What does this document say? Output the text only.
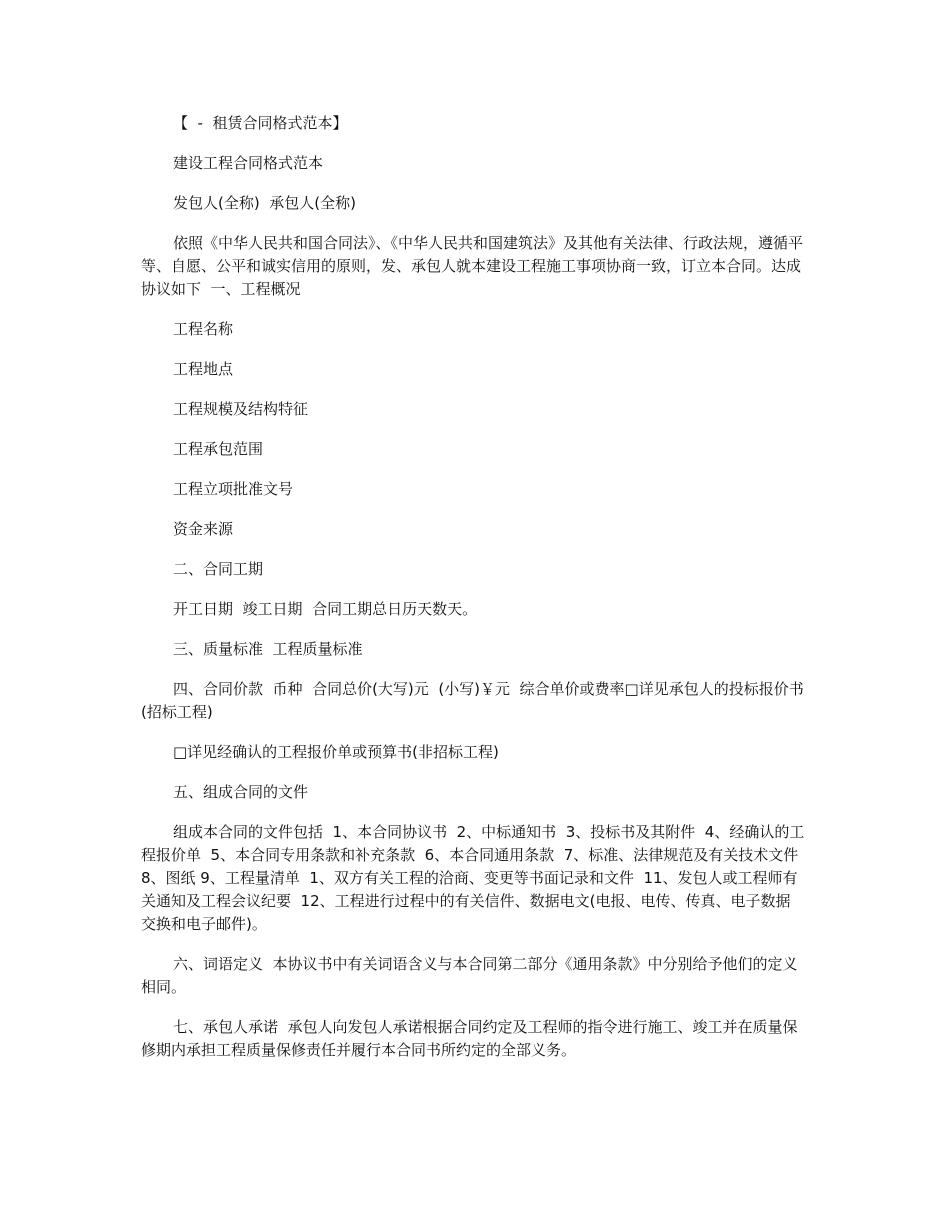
【  -  租赁合同格式范本】

建设工程合同格式范本

发包人(全称)  承包人(全称)

依照《中华人民共和国合同法》、《中华人民共和国建筑法》及其他有关法律、行政法规，遵循平等、自愿、公平和诚实信用的原则，发、承包人就本建设工程施工事项协商一致，订立本合同。达成协议如下  一、工程概况

工程名称

工程地点

工程规模及结构特征

工程承包范围

工程立项批准文号

资金来源

二、合同工期

开工日期  竣工日期  合同工期总日历天数天。

三、质量标准  工程质量标准

四、合同价款  币种  合同总价(大写)元  (小写)￥元  综合单价或费率□详见承包人的投标报价书(招标工程)

□详见经确认的工程报价单或预算书(非招标工程)

五、组成合同的文件

组成本合同的文件包括  1、本合同协议书  2、中标通知书  3、投标书及其附件  4、经确认的工程报价单  5、本合同专用条款和补充条款  6、本合同通用条款  7、标准、法律规范及有关技术文件  8、图纸 9、工程量清单  1、双方有关工程的洽商、变更等书面记录和文件  11、发包人或工程师有关通知及工程会议纪要  12、工程进行过程中的有关信件、数据电文(电报、电传、传真、电子数据交换和电子邮件)。

六、词语定义  本协议书中有关词语含义与本合同第二部分《通用条款》中分别给予他们的定义相同。

七、承包人承诺  承包人向发包人承诺根据合同约定及工程师的指令进行施工、竣工并在质量保修期内承担工程质量保修责任并履行本合同书所约定的全部义务。
